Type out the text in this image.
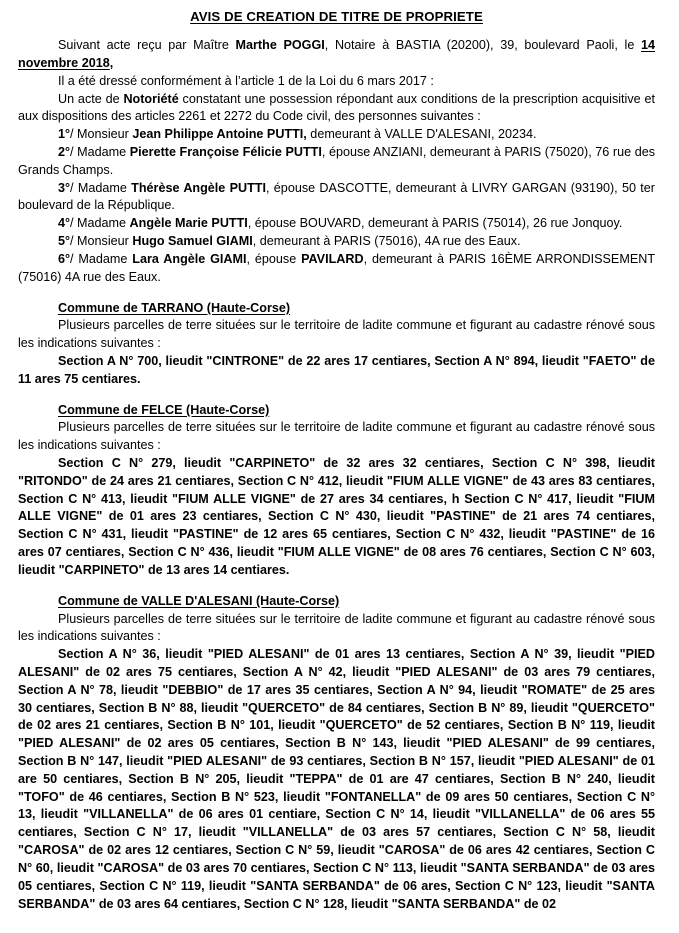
AVIS DE CREATION DE TITRE DE PROPRIETE

Suivant acte reçu par Maître Marthe POGGI, Notaire à BASTIA (20200), 39, boulevard Paoli, le 14 novembre 2018,

Il a été dressé conformément à l’article 1 de la Loi du 6 mars 2017 :

Un acte de Notoriété constatant une possession répondant aux conditions de la prescription acquisitive et aux dispositions des articles 2261 et 2272 du Code civil, des personnes suivantes :

1°/ Monsieur Jean Philippe Antoine PUTTI, demeurant à VALLE D'ALESANI, 20234.

2°/ Madame Pierette Françoise Félicie PUTTI, épouse ANZIANI, demeurant à PARIS (75020), 76 rue des Grands Champs.

3°/ Madame Thérèse Angèle PUTTI, épouse DASCOTTE, demeurant à LIVRY GARGAN (93190), 50 ter boulevard de la République.

4°/ Madame Angèle Marie PUTTI, épouse BOUVARD, demeurant à PARIS (75014), 26 rue Jonquoy.

5°/ Monsieur Hugo Samuel GIAMI, demeurant à PARIS (75016), 4A rue des Eaux.

6°/ Madame Lara Angèle GIAMI, épouse PAVILARD, demeurant à PARIS 16ÈME ARRONDISSEMENT (75016) 4A rue des Eaux.

Commune de TARRANO (Haute-Corse)

Plusieurs parcelles de terre situées sur le territoire de ladite commune et figurant au cadastre rénové sous les indications suivantes :

Section A N° 700, lieudit "CINTRONE" de 22 ares 17 centiares, Section A N° 894, lieudit "FAETO" de 11 ares 75 centiares.

Commune de FELCE (Haute-Corse)

Plusieurs parcelles de terre situées sur le territoire de ladite commune et figurant au cadastre rénové sous les indications suivantes :

Section C N° 279, lieudit "CARPINETO" de 32 ares 32 centiares, Section C N° 398, lieudit "RITONDO" de 24 ares 21 centiares, Section C N° 412, lieudit "FIUM ALLE VIGNE" de 43 ares 83 centiares, Section C N° 413, lieudit "FIUM ALLE VIGNE" de 27 ares 34 centiares, h Section C N° 417, lieudit "FIUM ALLE VIGNE" de 01 ares 23 centiares, Section C N° 430, lieudit "PASTINE" de 21 ares 74 centiares, Section C N° 431, lieudit "PASTINE" de 12 ares 65 centiares, Section C N° 432, lieudit "PASTINE" de 16 ares 07 centiares, Section C N° 436, lieudit "FIUM ALLE VIGNE" de 08 ares 76 centiares, Section C N° 603, lieudit "CARPINETO" de 13 ares 14 centiares.

Commune de VALLE D'ALESANI (Haute-Corse)

Plusieurs parcelles de terre situées sur le territoire de ladite commune et figurant au cadastre rénové sous les indications suivantes :

Section A N° 36, lieudit "PIED ALESANI" de 01 ares 13 centiares, Section A N° 39, lieudit "PIED ALESANI" de 02 ares 75 centiares, Section A N° 42, lieudit "PIED ALESANI" de 03 ares 79 centiares, Section A N° 78, lieudit "DEBBIO" de 17 ares 35 centiares, Section A N° 94, lieudit "ROMATE" de 25 ares 30 centiares, Section B N° 88, lieudit "QUERCETO" de 84 centiares, Section B N° 89, lieudit "QUERCETO" de 02 ares 21 centiares, Section B N° 101, lieudit "QUERCETO" de 52 centiares, Section B N° 119, lieudit "PIED ALESANI" de 02 ares 05 centiares, Section B N° 143, lieudit "PIED ALESANI" de 99 centiares, Section B N° 147, lieudit "PIED ALESANI" de 93 centiares, Section B N° 157, lieudit "PIED ALESANI" de 01 are 50 centiares, Section B N° 205, lieudit "TEPPA" de 01 are 47 centiares, Section B N° 240, lieudit "TOFO" de 46 centiares, Section B N° 523, lieudit "FONTANELLA" de 09 ares 50 centiares, Section C N° 13, lieudit "VILLANELLA" de 06 ares 01 centiare, Section C N° 14, lieudit "VILLANELLA" de 06 ares 55 centiares, Section C N° 17, lieudit "VILLANELLA" de 03 ares 57 centiares, Section C N° 58, lieudit "CAROSA" de 02 ares 12 centiares, Section C N° 59, lieudit "CAROSA" de 06 ares 42 centiares, Section C N° 60, lieudit "CAROSA" de 03 ares 70 centiares, Section C N° 113, lieudit "SANTA SERBANDA" de 03 ares 05 centiares, Section C N° 119, lieudit "SANTA SERBANDA" de 06 ares, Section C N° 123, lieudit "SANTA SERBANDA" de 03 ares 64 centiares, Section C N° 128, lieudit "SANTA SERBANDA" de 02
